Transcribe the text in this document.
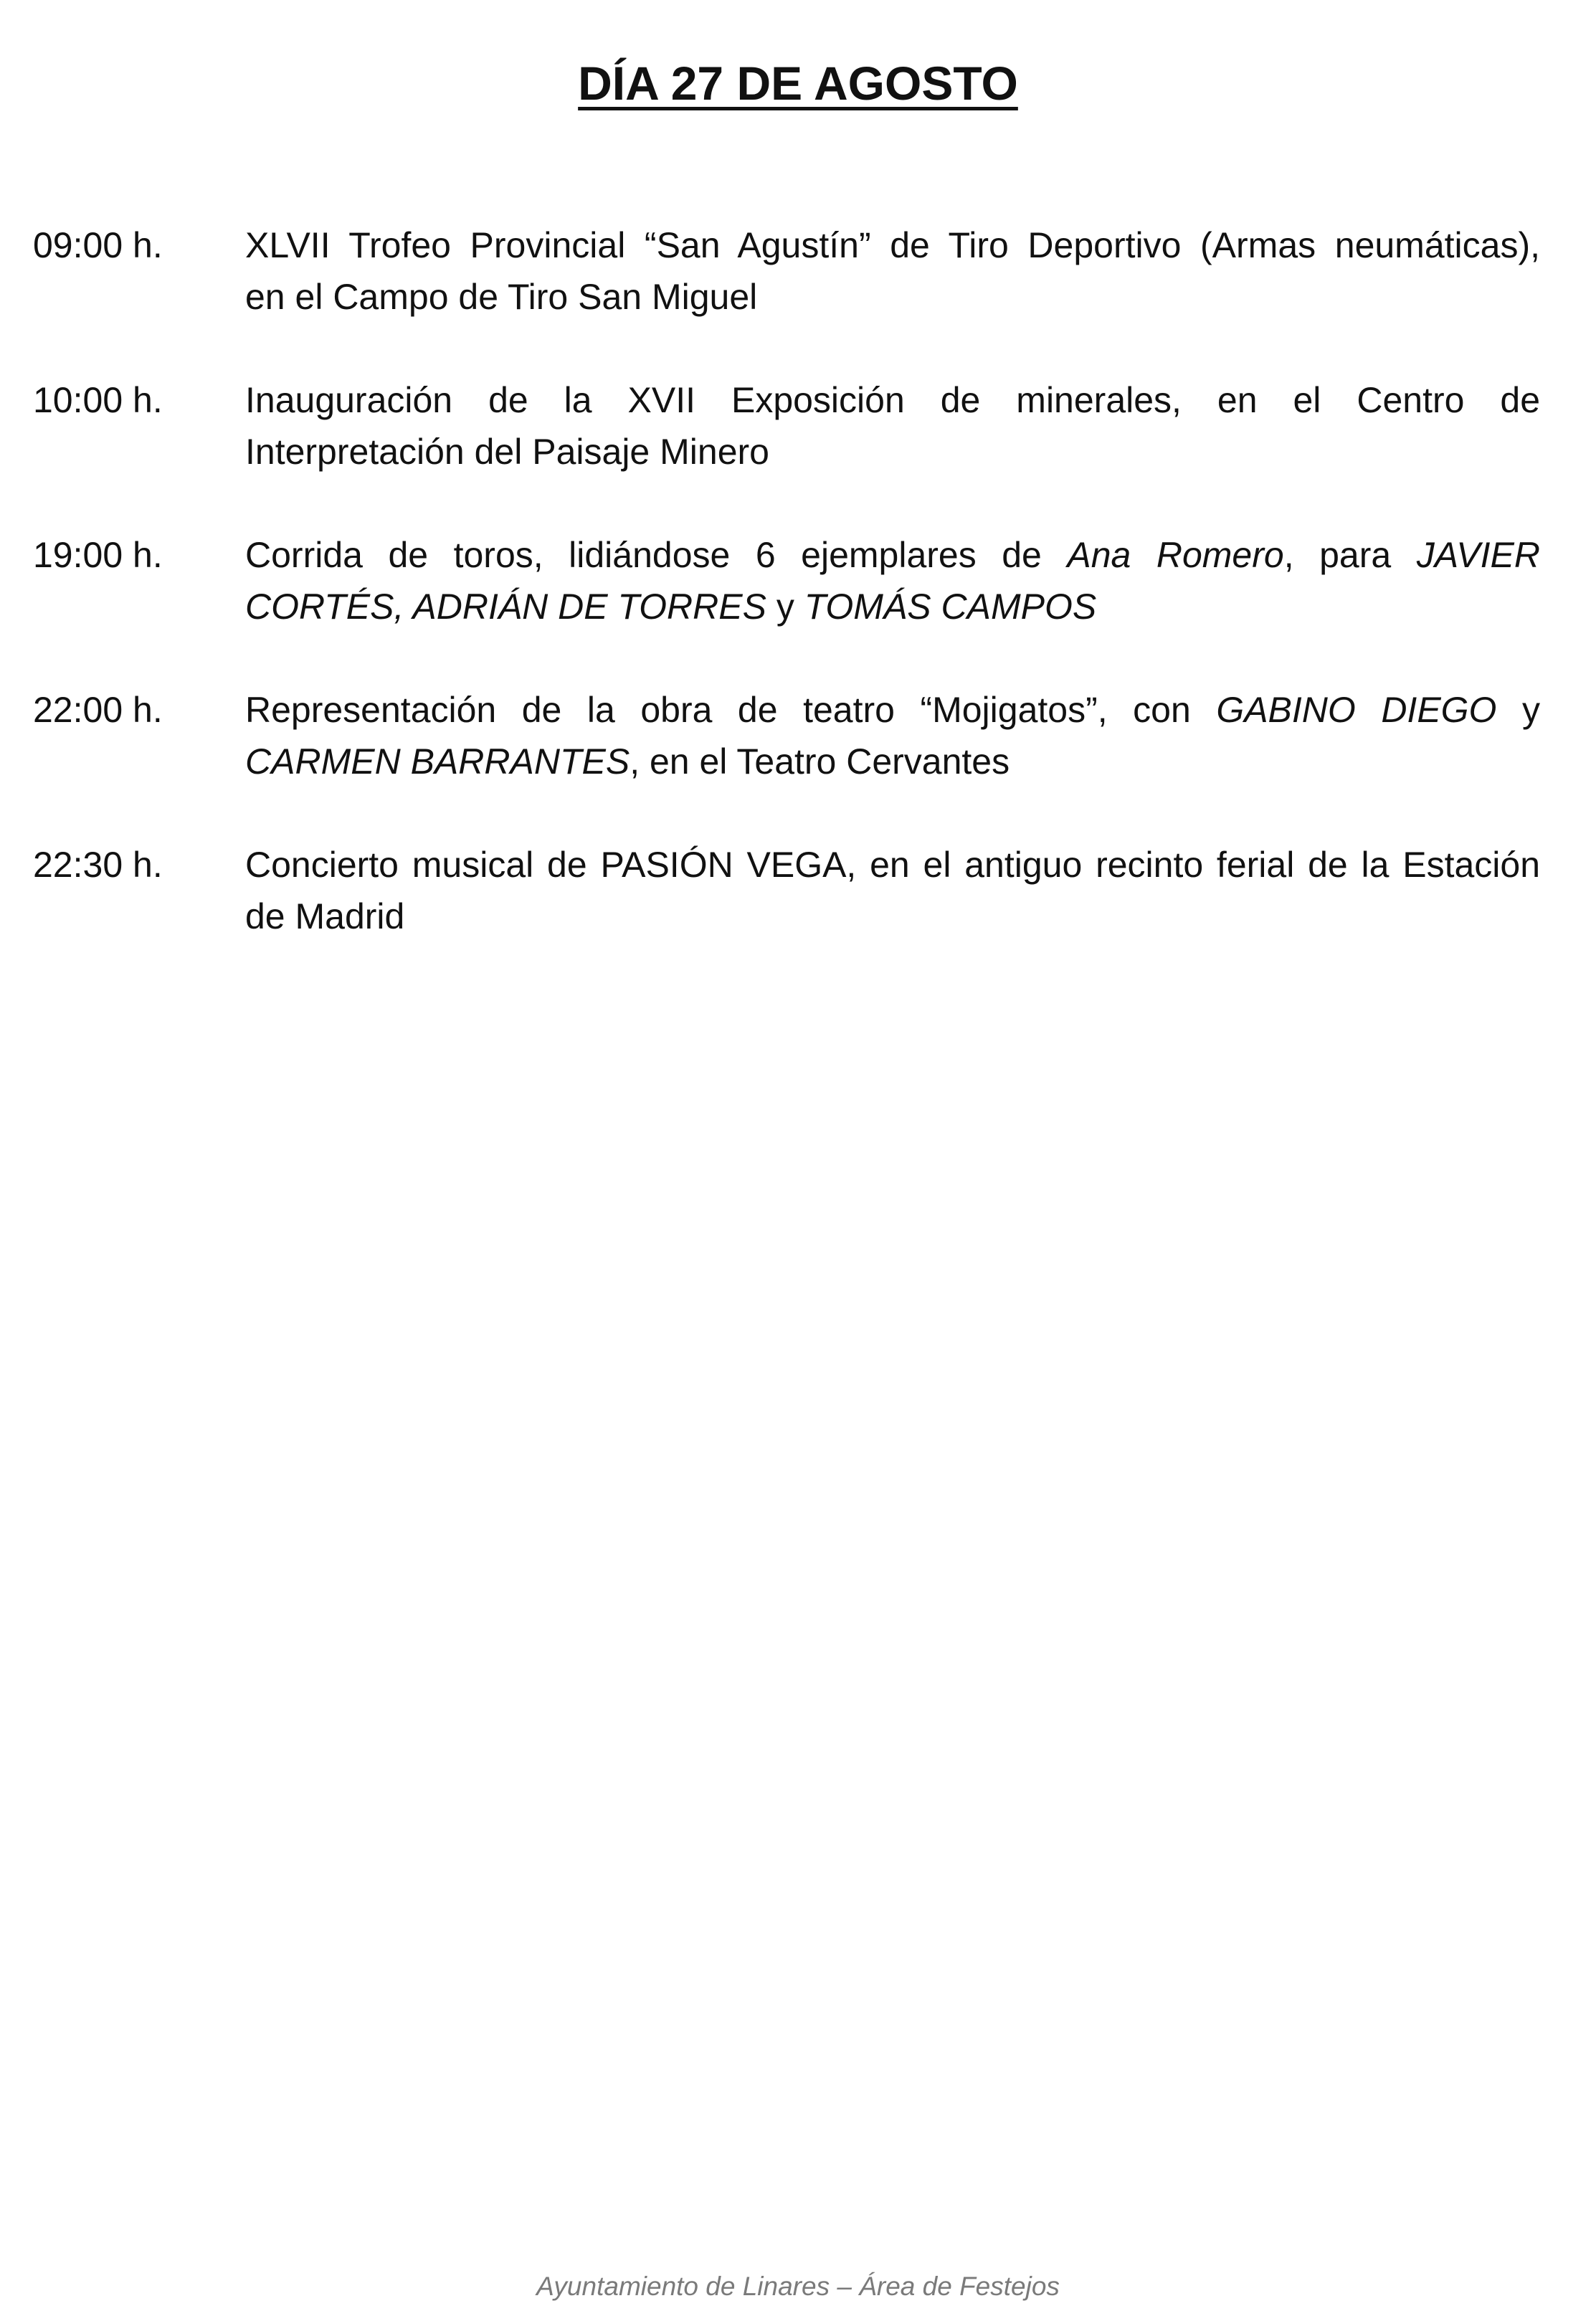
DÍA 27 DE AGOSTO
09:00 h.	XLVII Trofeo Provincial “San Agustín” de Tiro Deportivo (Armas neumáticas),
en el Campo de Tiro San Miguel
10:00 h.	Inauguración de la XVII Exposición de minerales, en el Centro de
Interpretación del Paisaje Minero
19:00 h.	Corrida de toros, lidiándose 6 ejemplares de Ana Romero, para JAVIER
CORTÉS, ADRIÁN DE TORRES y TOMÁS CAMPOS
22:00 h.	Representación de la obra de teatro “Mojigatos”, con GABINO DIEGO y
CARMEN BARRANTES, en el Teatro Cervantes
22:30 h.	Concierto musical de PASIÓN VEGA, en el antiguo recinto ferial de la Estación
de Madrid
Ayuntamiento de Linares – Área de Festejos
